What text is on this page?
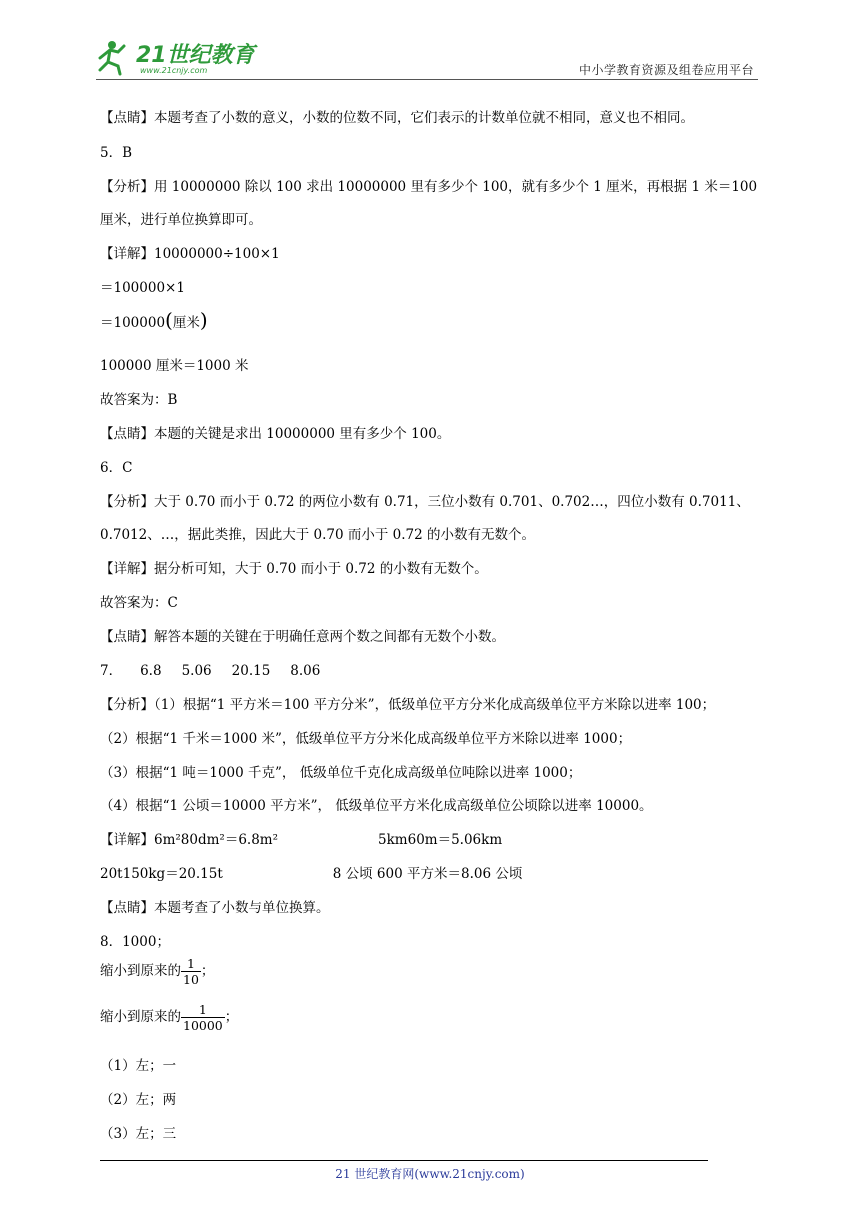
21世纪教育
www.21cnjy.com	中小学教育资源及组卷应用平台
【点睛】本题考查了小数的意义，小数的位数不同，它们表示的计数单位就不相同，意义也不相同。
5．B
【分析】用 10000000 除以 100 求出 10000000 里有多少个 100，就有多少个 1 厘米，再根据 1 米＝100
厘米，进行单位换算即可。
【详解】10000000÷100×1
＝100000×1
＝100000(厘米)
100000 厘米＝1000 米
故答案为：B
【点睛】本题的关键是求出 10000000 里有多少个 100。
6．C
【分析】大于 0.70 而小于 0.72 的两位小数有 0.71，三位小数有 0.701、0.702…，四位小数有 0.7011、
0.7012、…，据此类推，因此大于 0.70 而小于 0.72 的小数有无数个。
【详解】据分析可知，大于 0.70 而小于 0.72 的小数有无数个。
故答案为：C
【点睛】解答本题的关键在于明确任意两个数之间都有无数个小数。
7． 6.8 5.06 20.15 8.06
【分析】（1）根据“1 平方米＝100 平方分米”，低级单位平方分米化成高级单位平方米除以进率 100；
（2）根据“1 千米＝1000 米”，低级单位平方分米化成高级单位平方米除以进率 1000；
（3）根据“1 吨＝1000 千克”， 低级单位千克化成高级单位吨除以进率 1000；
（4）根据“1 公顷＝10000 平方米”， 低级单位平方米化成高级单位公顷除以进率 10000。
【详解】6m²80dm²＝6.8m²	5km60m＝5.06km
20t150kg＝20.15t	8 公顷 600 平方米＝8.06 公顷
【点睛】本题考查了小数与单位换算。
8．1000；
缩小到原来的 $\frac{1}{10}$ ；
缩小到原来的 $\frac{1}{10000}$ ；
（1）左；一
（2）左；两
（3）左；三
21 世纪教育网(www.21cnjy.com)
